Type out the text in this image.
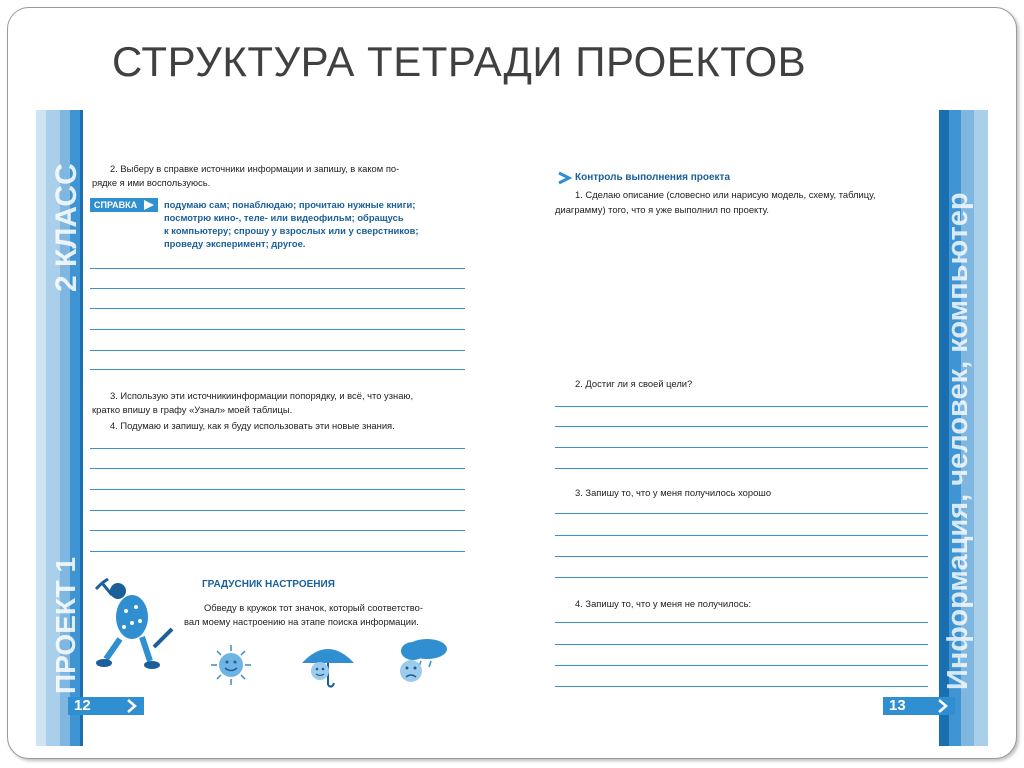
СТРУКТУРА ТЕТРАДИ ПРОЕКТОВ
2 КЛАСС
ПРОЕКТ 1	Информация, человек, компьютер
2. Выберу в справке источники информации и запишу, в каком по-
рядке я ими воспользуюсь.
СПРАВКА	подумаю сам; понаблюдаю; прочитаю нужные книги;
посмотрю кино-, теле- или видеофильм; обращусь
к компьютеру; спрошу у взрослых или у сверстников;
проведу эксперимент; другое.
3. Использую эти источникиинформации попорядку, и всё, что узнаю,
кратко впишу в графу «Узнал» моей таблицы.
4. Подумаю и запишу, как я буду использовать эти новые знания.
ГРАДУСНИК НАСТРОЕНИЯ
Обведу в кружок тот значок, который соответство-
вал моему настроению на этапе поиска информации.
12
Контроль выполнения проекта
1. Сделаю описание (словесно или нарисую модель, схему, таблицу,
диаграмму) того, что я уже выполнил по проекту.
2. Достиг ли я своей цели?
3. Запишу то, что у меня получилось хорошо
4. Запишу то, что у меня не получилось:
13
